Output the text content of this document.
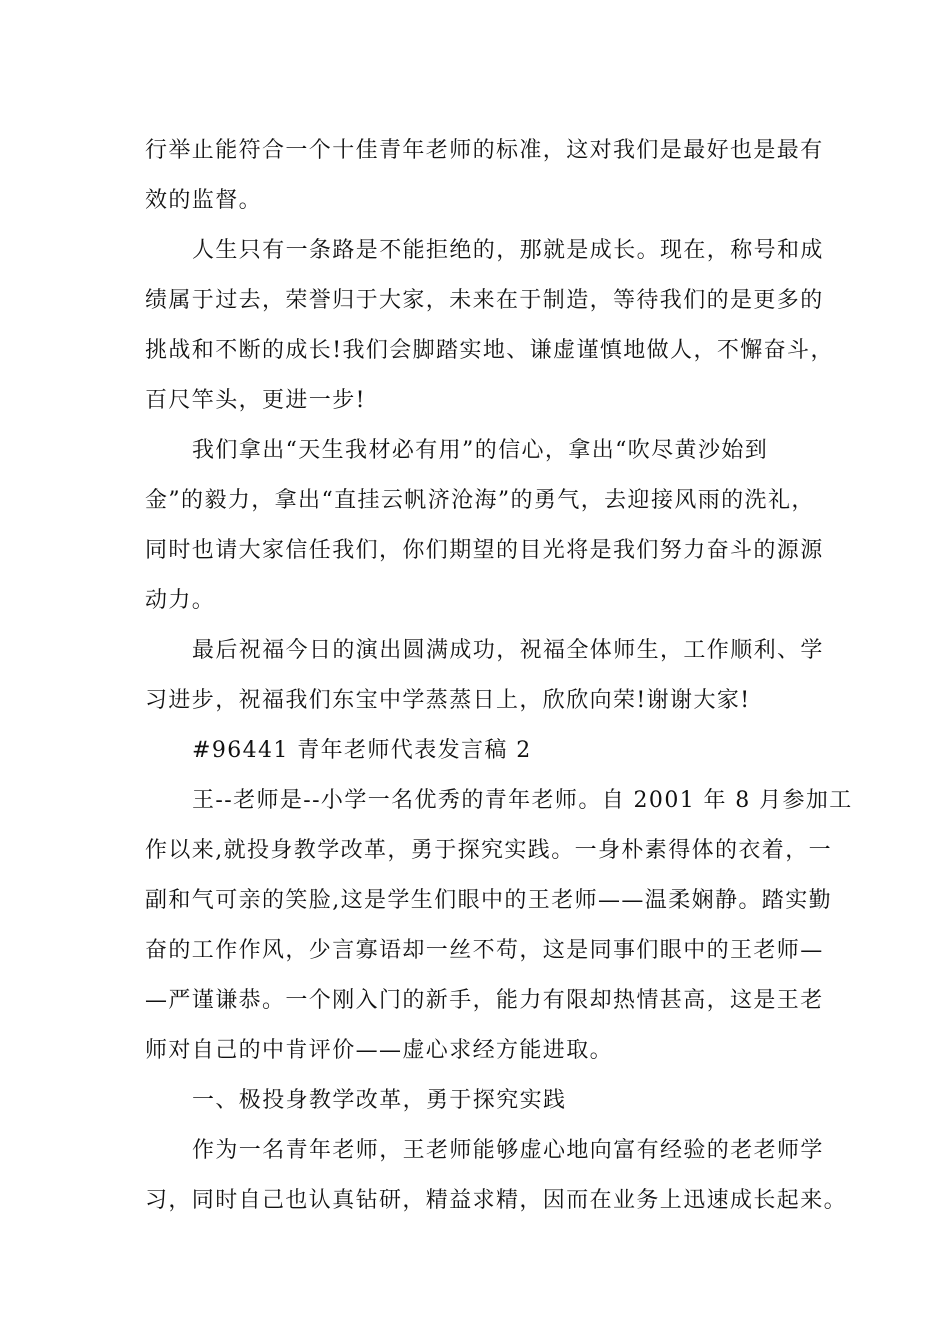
行举止能符合一个十佳青年老师的标准，这对我们是最好也是最有
效的监督。
人生只有一条路是不能拒绝的，那就是成长。现在，称号和成
绩属于过去，荣誉归于大家，未来在于制造，等待我们的是更多的
挑战和不断的成长!我们会脚踏实地、谦虚谨慎地做人，不懈奋斗，
百尺竿头，更进一步!
我们拿出“天生我材必有用”的信心，拿出“吹尽黄沙始到
金”的毅力，拿出“直挂云帆济沧海”的勇气，去迎接风雨的洗礼，
同时也请大家信任我们，你们期望的目光将是我们努力奋斗的源源
动力。
最后祝福今日的演出圆满成功，祝福全体师生，工作顺利、学
习进步，祝福我们东宝中学蒸蒸日上，欣欣向荣!谢谢大家!
#96441 青年老师代表发言稿 2
王--老师是--小学一名优秀的青年老师。自 2001 年 8 月参加工
作以来,就投身教学改革，勇于探究实践。一身朴素得体的衣着，一
副和气可亲的笑脸,这是学生们眼中的王老师——温柔娴静。踏实勤
奋的工作作风，少言寡语却一丝不苟，这是同事们眼中的王老师—
—严谨谦恭。一个刚入门的新手，能力有限却热情甚高，这是王老
师对自己的中肯评价——虚心求经方能进取。
一、极投身教学改革，勇于探究实践
作为一名青年老师，王老师能够虚心地向富有经验的老老师学
习，同时自己也认真钻研，精益求精，因而在业务上迅速成长起来。
